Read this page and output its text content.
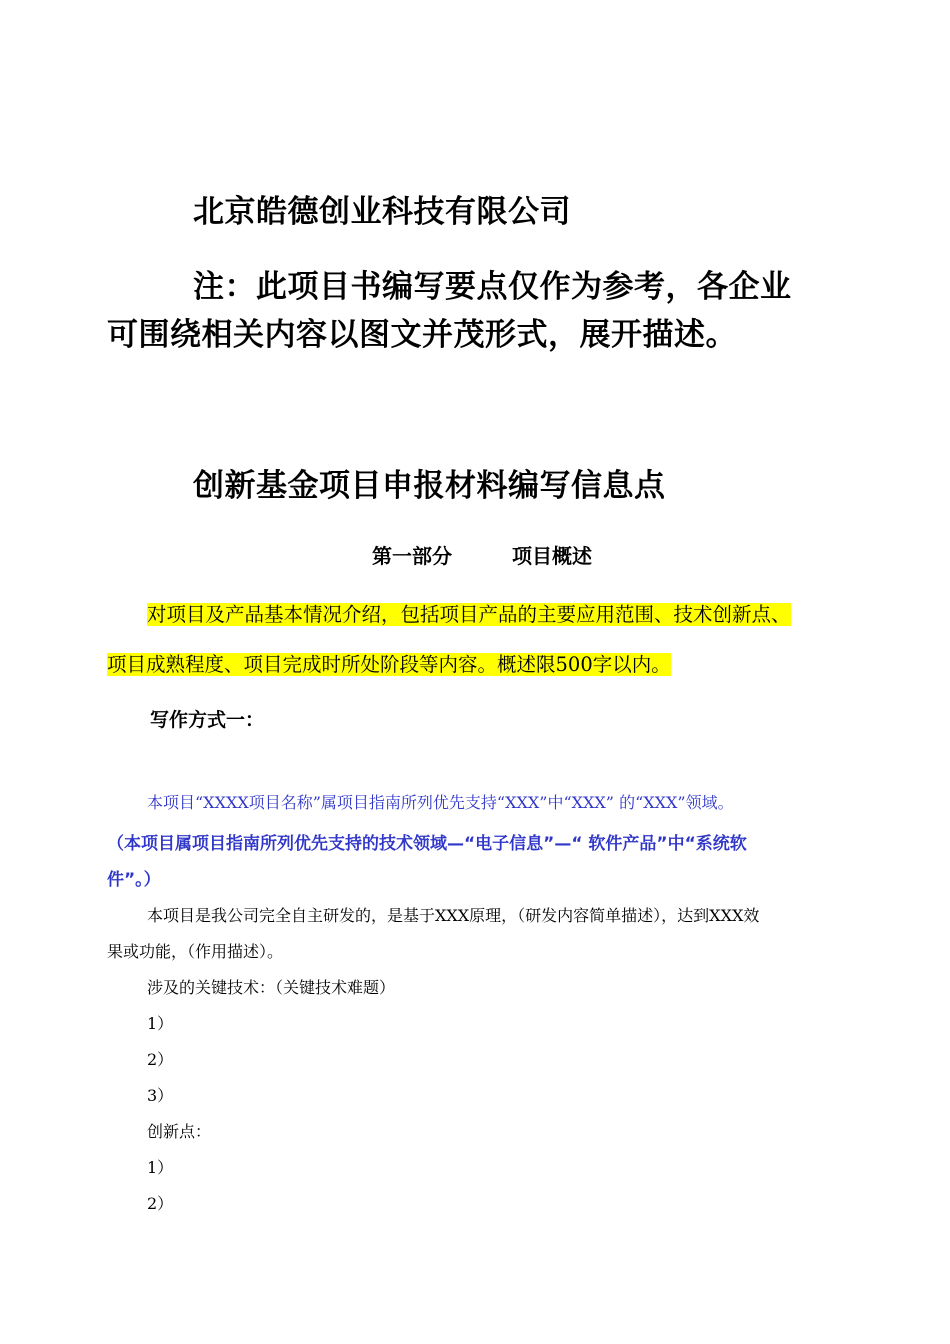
北京皓德创业科技有限公司
注：此项目书编写要点仅作为参考，各企业
可围绕相关内容以图文并茂形式，展开描述。
创新基金项目申报材料编写信息点
第一部分	项目概述
对项目及产品基本情况介绍，包括项目产品的主要应用范围、技术创新点、
项目成熟程度、项目完成时所处阶段等内容。概述限500字以内。
写作方式一：
本项目“XXXX项目名称”属项目指南所列优先支持“XXX”中“XXX” 的“XXX”领域。
（本项目属项目指南所列优先支持的技术领域—“电子信息”—“ 软件产品”中“系统软
件”。）
本项目是我公司完全自主研发的，是基于XXX原理，（研发内容简单描述），达到XXX效
果或功能，（作用描述）。
涉及的关键技术：（关键技术难题）
1）
2）
3）
创新点：
1）
2）
